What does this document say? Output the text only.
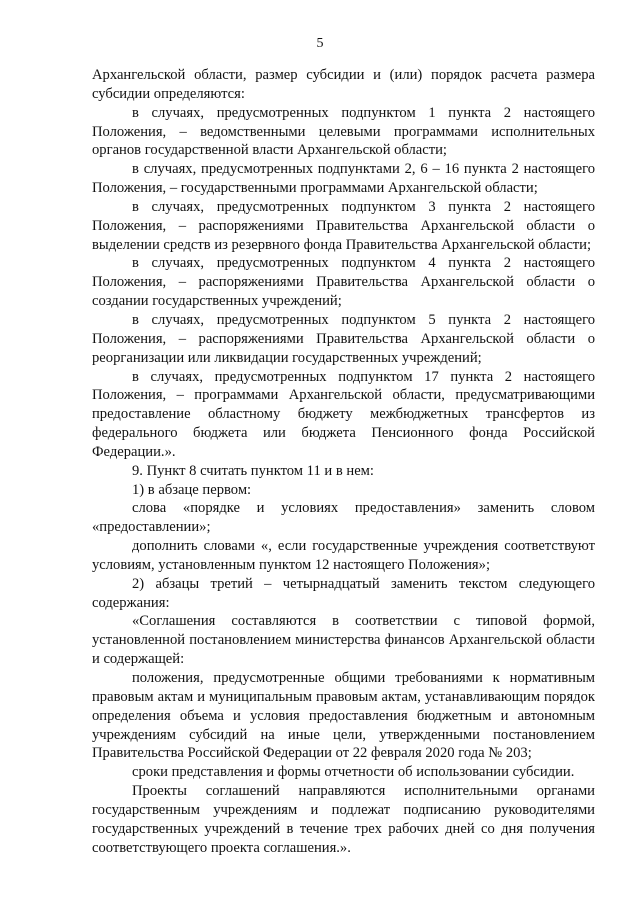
5

Архангельской области, размер субсидии и (или) порядок расчета размера субсидии определяются:

в случаях, предусмотренных подпунктом 1 пункта 2 настоящего Положения, – ведомственными целевыми программами исполнительных органов государственной власти Архангельской области;

в случаях, предусмотренных подпунктами 2, 6 – 16 пункта 2 настоящего Положения, – государственными программами Архангельской области;

в случаях, предусмотренных подпунктом 3 пункта 2 настоящего Положения, – распоряжениями Правительства Архангельской области о выделении средств из резервного фонда Правительства Архангельской области;

в случаях, предусмотренных подпунктом 4 пункта 2 настоящего Положения, – распоряжениями Правительства Архангельской области о создании государственных учреждений;

в случаях, предусмотренных подпунктом 5 пункта 2 настоящего Положения, – распоряжениями Правительства Архангельской области о реорганизации или ликвидации государственных учреждений;

в случаях, предусмотренных подпунктом 17 пункта 2 настоящего Положения, – программами Архангельской области, предусматривающими предоставление областному бюджету межбюджетных трансфертов из федерального бюджета или бюджета Пенсионного фонда Российской Федерации.».

9. Пункт 8 считать пунктом 11 и в нем:

1) в абзаце первом:

слова «порядке и условиях предоставления» заменить словом «предоставлении»;

дополнить словами «, если государственные учреждения соответствуют условиям, установленным пунктом 12 настоящего Положения»;

2) абзацы третий – четырнадцатый заменить текстом следующего содержания:

«Соглашения составляются в соответствии с типовой формой, установленной постановлением министерства финансов Архангельской области и содержащей:

положения, предусмотренные общими требованиями к нормативным правовым актам и муниципальным правовым актам, устанавливающим порядок определения объема и условия предоставления бюджетным и автономным учреждениям субсидий на иные цели, утвержденными постановлением Правительства Российской Федерации от 22 февраля 2020 года № 203;

сроки представления и формы отчетности об использовании субсидии.

Проекты соглашений направляются исполнительными органами государственным учреждениям и подлежат подписанию руководителями государственных учреждений в течение трех рабочих дней со дня получения соответствующего проекта соглашения.».
